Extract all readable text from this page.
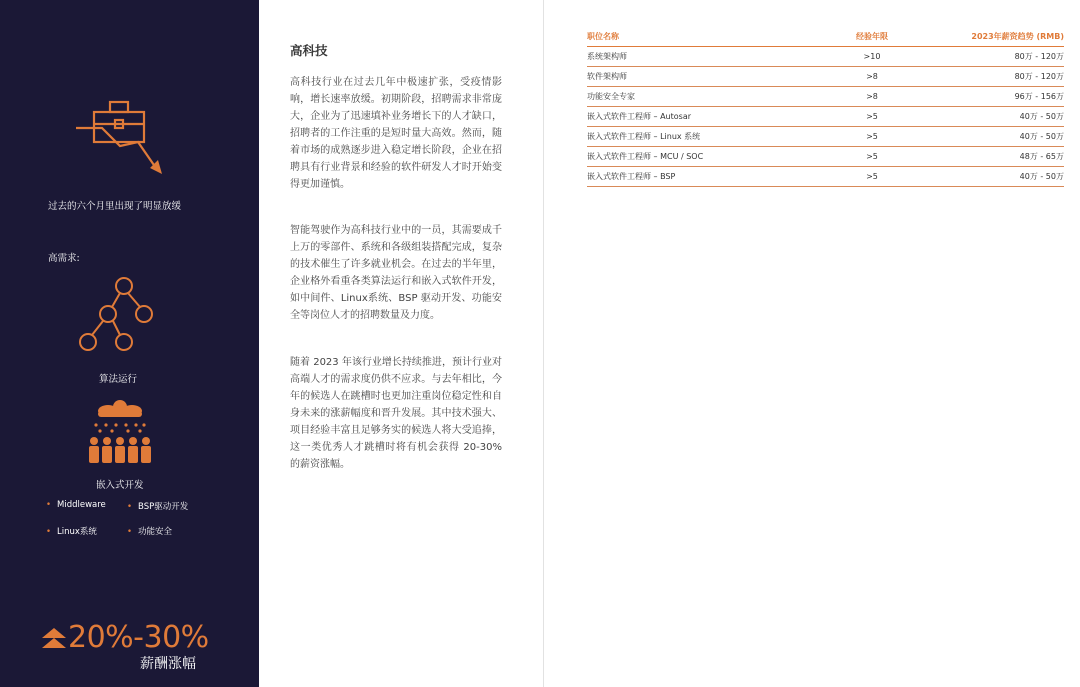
过去的六个月里出现了明显放缓
高需求:
算法运行
嵌入式开发
• Middleware • BSP驱动开发
• Linux系统	• 功能安全
20%-30%
薪酬涨幅
高科技

高科技行业在过去几年中极速扩张，受疫情影响，增长速率放缓。初期阶段，招聘需求非常庞大，企业为了迅速填补业务增长下的人才缺口，招聘者的工作注重的是短时量大高效。然而，随着市场的成熟逐步进入稳定增长阶段，企业在招聘具有行业背景和经验的软件研发人才时开始变得更加谨慎。

智能驾驶作为高科技行业中的一员，其需要成千上万的零部件、系统和各级组装搭配完成，复杂的技术催生了许多就业机会。在过去的半年里，企业格外看重各类算法运行和嵌入式软件开发，如中间件、Linux系统、BSP 驱动开发、功能安全等岗位人才的招聘数量及力度。

随着 2023 年该行业增长持续推进，预计行业对高端人才的需求度仍供不应求。与去年相比，今年的候选人在跳槽时也更加注重岗位稳定性和自身未来的涨薪幅度和晋升发展。其中技术强大、项目经验丰富且足够务实的候选人将大受追捧，这一类优秀人才跳槽时将有机会获得 20-30% 的薪资涨幅。

职位名称	经验年限	2023年薪资趋势 (RMB)
系统架构师	>10	80万 - 120万
软件架构师	>8	80万 - 120万
功能安全专家	>8	96万 - 156万
嵌入式软件工程师 – Autosar	>5	40万 - 50万
嵌入式软件工程师 – Linux 系统	>5	40万 - 50万
嵌入式软件工程师 – MCU / SOC	>5	48万 - 65万
嵌入式软件工程师 – BSP	>5	40万 - 50万
